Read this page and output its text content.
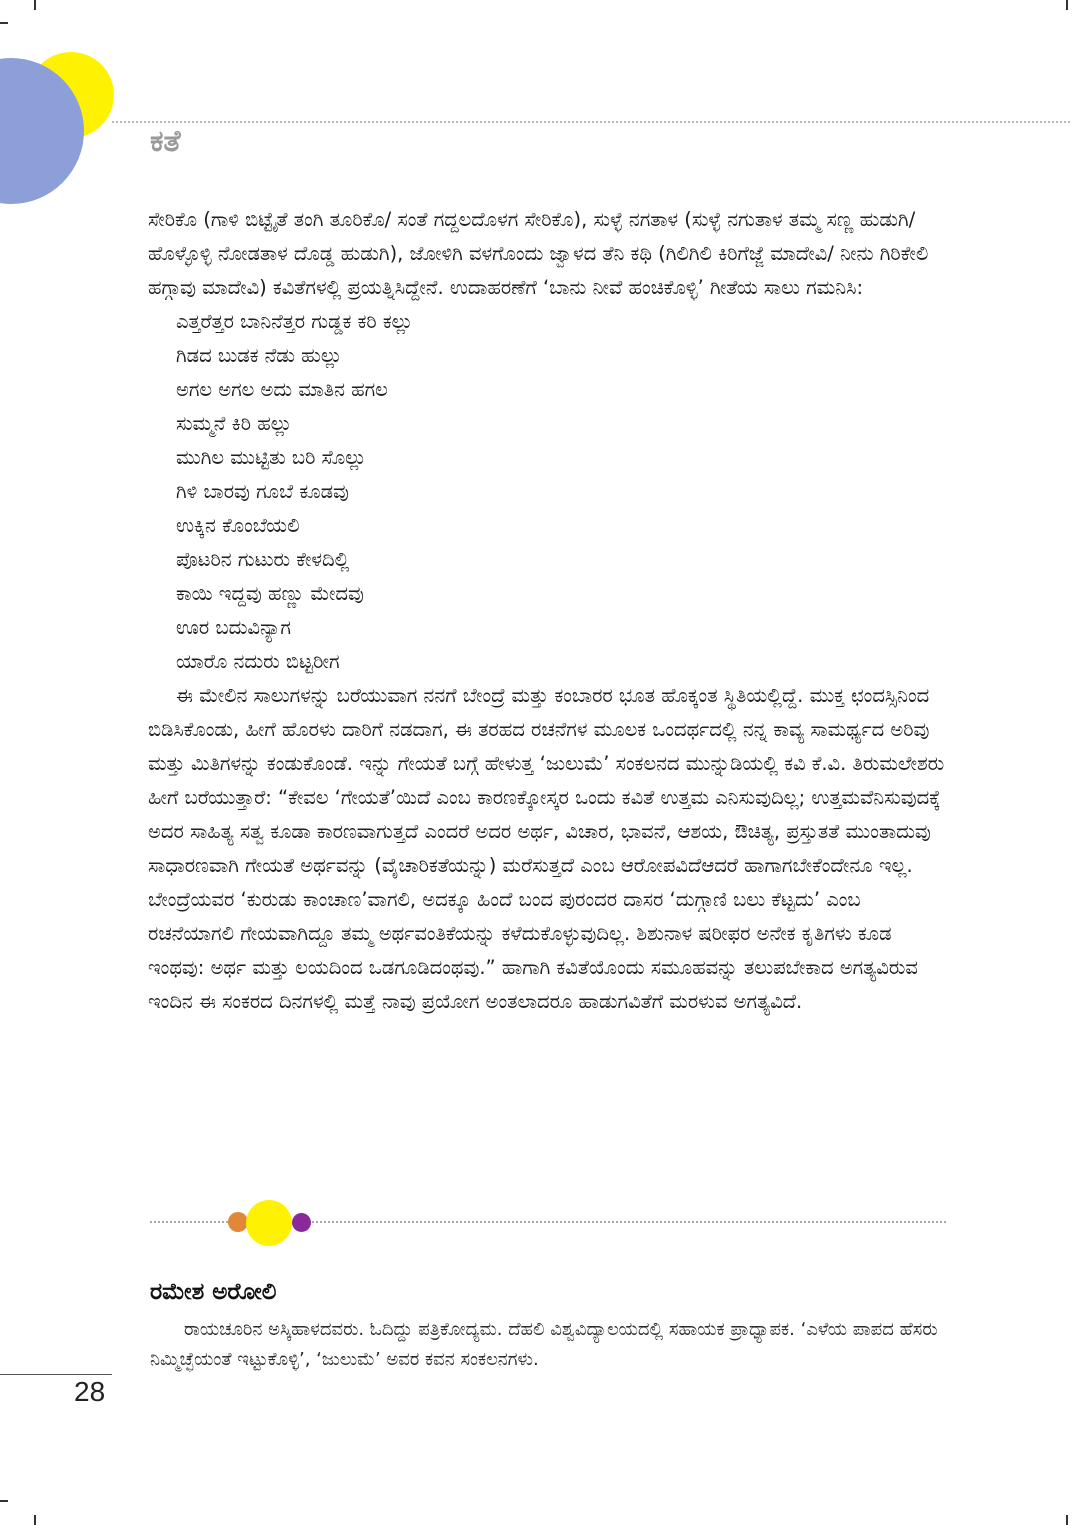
ಕತೆ

ಸೇರಿಕೊ (ಗಾಳಿ ಬಿಟ್ಟೈತೆ ತಂಗಿ ತೂರಿಕೊ/ ಸಂತೆ ಗದ್ದಲದೊಳಗ ಸೇರಿಕೊ), ಸುಳ್ಳೆ ನಗತಾಳ (ಸುಳ್ಳೆ ನಗುತಾಳ ತಮ್ಮ ಸಣ್ಣ ಹುಡುಗಿ/ ಹೊಳ್ಳೊಳ್ಳಿ ನೋಡತಾಳ ದೊಡ್ಡ ಹುಡುಗಿ), ಜೋಳಿಗಿ ವಳಗೊಂದು ಜ್ವಾಳದ ತೆನಿ ಕಥಿ (ಗಿಲಿಗಿಲಿ ಕಿರಿಗೆಜ್ಜೆ ಮಾದೇವಿ/ ನೀನು ಗಿರಿಕೇಲಿ ಹಗ್ಗಾವು ಮಾದೇವಿ) ಕವಿತೆಗಳಲ್ಲಿ ಪ್ರಯತ್ನಿಸಿದ್ದೇನೆ. ಉದಾಹರಣೆಗೆ ‘ಬಾನು ನೀವೆ ಹಂಚಿಕೊಳ್ಳಿ’ ಗೀತೆಯ ಸಾಲು ಗಮನಿಸಿ:

ಎತ್ತರೆತ್ತರ ಬಾನಿನೆತ್ತರ ಗುಡ್ಡಕ ಕರಿ ಕಲ್ಲು
ಗಿಡದ ಬುಡಕ ನೆಡು ಹುಲ್ಲು
ಅಗಲ ಅಗಲ ಅದು ಮಾತಿನ ಹಗಲ
ಸುಮ್ಮನೆ ಕಿರಿ ಹಲ್ಲು
ಮುಗಿಲ ಮುಟ್ಟಿತು ಬರಿ ಸೊಲ್ಲು
ಗಿಳಿ ಬಾರವು ಗೂಬೆ ಕೂಡವು
ಉಕ್ಕಿನ ಕೊಂಬೆಯಲಿ
ಪೊಟರಿನ ಗುಟುರು ಕೇಳದಿಲ್ಲಿ
ಕಾಯಿ ಇದ್ದವು ಹಣ್ಣು ಮೇದವು
ಊರ ಬದುವಿನ್ಯಾಗ
ಯಾರೊ ನದುರು ಬಿಟ್ಟರೀಗ

ಈ ಮೇಲಿನ ಸಾಲುಗಳನ್ನು ಬರೆಯುವಾಗ ನನಗೆ ಬೇಂದ್ರೆ ಮತ್ತು ಕಂಬಾರರ ಭೂತ ಹೊಕ್ಕಂತ ಸ್ಥಿತಿಯಲ್ಲಿದ್ದೆ. ಮುಕ್ತ ಛಂದಸ್ಸಿನಿಂದ ಬಿಡಿಸಿಕೊಂಡು, ಹೀಗೆ ಹೊರಳು ದಾರಿಗೆ ನಡದಾಗ, ಈ ತರಹದ ರಚನೆಗಳ ಮೂಲಕ ಒಂದರ್ಥದಲ್ಲಿ ನನ್ನ ಕಾವ್ಯ ಸಾಮರ್ಥ್ಯದ ಅರಿವು ಮತ್ತು ಮಿತಿಗಳನ್ನು ಕಂಡುಕೊಂಡೆ. ಇನ್ನು ಗೇಯತೆ ಬಗ್ಗೆ ಹೇಳುತ್ತ ‘ಜುಲುಮೆ’ ಸಂಕಲನದ ಮುನ್ನುಡಿಯಲ್ಲಿ ಕವಿ ಕೆ.ವಿ. ತಿರುಮಲೇಶರು ಹೀಗೆ ಬರೆಯುತ್ತಾರೆ: “ಕೇವಲ ‘ಗೇಯತೆ’ಯಿದೆ ಎಂಬ ಕಾರಣಕ್ಕೋಸ್ಕರ ಒಂದು ಕವಿತೆ ಉತ್ತಮ ಎನಿಸುವುದಿಲ್ಲ; ಉತ್ತಮವೆನಿಸುವುದಕ್ಕೆ ಅದರ ಸಾಹಿತ್ಯ ಸತ್ವ ಕೂಡಾ ಕಾರಣವಾಗುತ್ತದೆ ಎಂದರೆ ಅದರ ಅರ್ಥ, ವಿಚಾರ, ಭಾವನೆ, ಆಶಯ, ಔಚಿತ್ಯ, ಪ್ರಸ್ತುತತೆ ಮುಂತಾದುವು ಸಾಧಾರಣವಾಗಿ ಗೇಯತೆ ಅರ್ಥವನ್ನು (ವೈಚಾರಿಕತೆಯನ್ನು) ಮರೆಸುತ್ತದೆ ಎಂಬ ಆರೋಪವಿದೆಆದರೆ ಹಾಗಾಗಬೇಕೆಂದೇನೂ ಇಲ್ಲ. ಬೇಂದ್ರೆಯವರ ‘ಕುರುಡು ಕಾಂಚಾಣ’ವಾಗಲಿ, ಅದಕ್ಕೂ ಹಿಂದೆ ಬಂದ ಪುರಂದರ ದಾಸರ ‘ದುಗ್ಗಾಣಿ ಬಲು ಕೆಟ್ಟದು’ ಎಂಬ ರಚನೆಯಾಗಲಿ ಗೇಯವಾಗಿದ್ದೂ ತಮ್ಮ ಅರ್ಥವಂತಿಕೆಯನ್ನು ಕಳೆದುಕೊಳ್ಳುವುದಿಲ್ಲ. ಶಿಶುನಾಳ ಷರೀಫರ ಅನೇಕ ಕೃತಿಗಳು ಕೂಡ ಇಂಥವು: ಅರ್ಥ ಮತ್ತು ಲಯದಿಂದ ಒಡಗೂಡಿದಂಥವು.” ಹಾಗಾಗಿ ಕವಿತೆಯೊಂದು ಸಮೂಹವನ್ನು ತಲುಪಬೇಕಾದ ಅಗತ್ಯವಿರುವ ಇಂದಿನ ಈ ಸಂಕರದ ದಿನಗಳಲ್ಲಿ ಮತ್ತೆ ನಾವು ಪ್ರಯೋಗ ಅಂತಲಾದರೂ ಹಾಡುಗವಿತೆಗೆ ಮರಳುವ ಅಗತ್ಯವಿದೆ.

ರಮೇಶ ಅರೋಲಿ
ರಾಯಚೂರಿನ ಅಸ್ಕಿಹಾಳದವರು. ಓದಿದ್ದು ಪತ್ರಿಕೋದ್ಯಮ. ದೆಹಲಿ ವಿಶ್ವವಿದ್ಯಾಲಯದಲ್ಲಿ ಸಹಾಯಕ ಪ್ರಾಧ್ಯಾಪಕ. ‘ಎಳೆಯ ಪಾಪದ ಹೆಸರು ನಿಮ್ಮಿಚ್ಛೆಯಂತೆ ಇಟ್ಟುಕೊಳ್ಳಿ’, ‘ಜುಲುಮೆ’ ಅವರ ಕವನ ಸಂಕಲನಗಳು.
28
